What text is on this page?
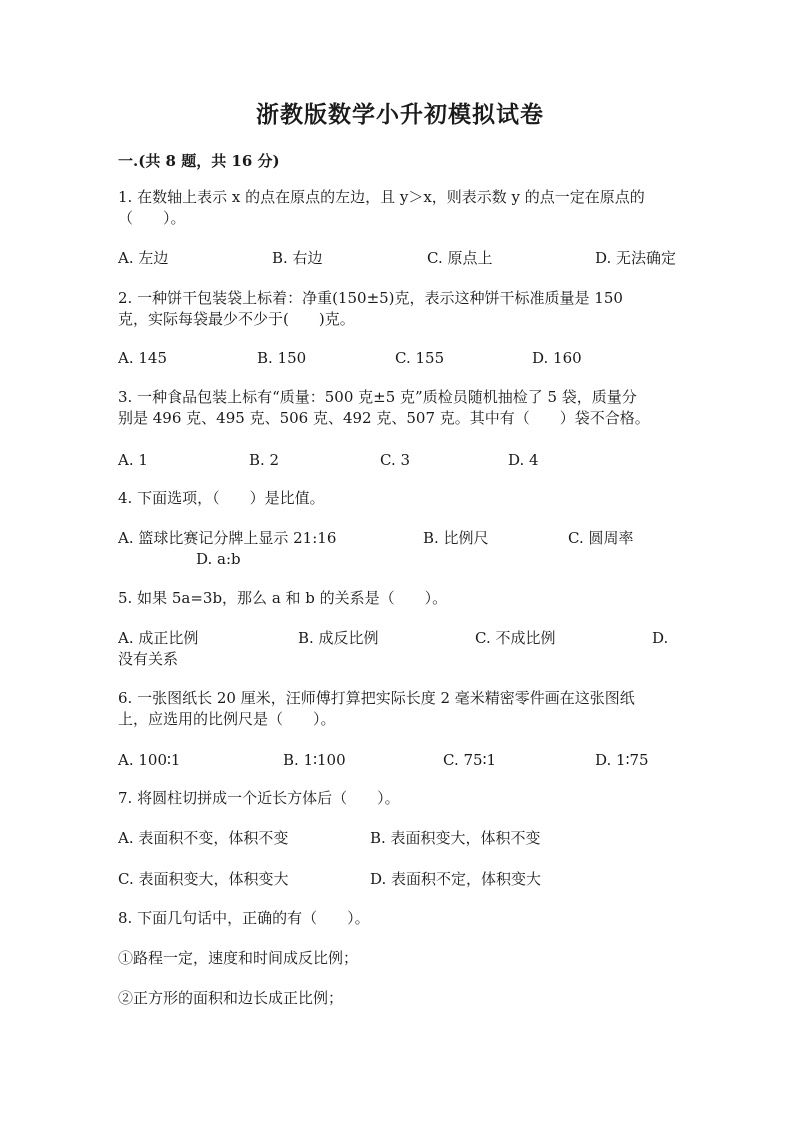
浙教版数学小升初模拟试卷
一.(共 8 题，共 16 分)
1. 在数轴上表示 x 的点在原点的左边，且 y＞x，则表示数 y 的点一定在原点的
（　　）。
A. 左边	B. 右边	C. 原点上	D. 无法确定
2. 一种饼干包装袋上标着：净重(150±5)克，表示这种饼干标准质量是 150
克，实际每袋最少不少于(　　)克。
A. 145	B. 150	C. 155	D. 160
3. 一种食品包装上标有“质量：500 克±5 克”质检员随机抽检了 5 袋，质量分
别是 496 克、495 克、506 克、492 克、507 克。其中有（　　）袋不合格。
A. 1	B. 2	C. 3	D. 4
4. 下面选项，（　　）是比值。
A. 篮球比赛记分牌上显示 21:16	B. 比例尺	C. 圆周率
D. a:b
5. 如果 5a=3b，那么 a 和 b 的关系是（　　）。
A. 成正比例	B. 成反比例	C. 不成比例	D.
没有关系
6. 一张图纸长 20 厘米，汪师傅打算把实际长度 2 毫米精密零件画在这张图纸
上，应选用的比例尺是（　　）。
A. 100∶1	B. 1∶100	C. 75∶1	D. 1∶75
7. 将圆柱切拼成一个近长方体后（　　）。
A. 表面积不变，体积不变	B. 表面积变大，体积不变
C. 表面积变大，体积变大	D. 表面积不定，体积变大
8. 下面几句话中，正确的有（　　）。
①路程一定，速度和时间成反比例；
②正方形的面积和边长成正比例；
